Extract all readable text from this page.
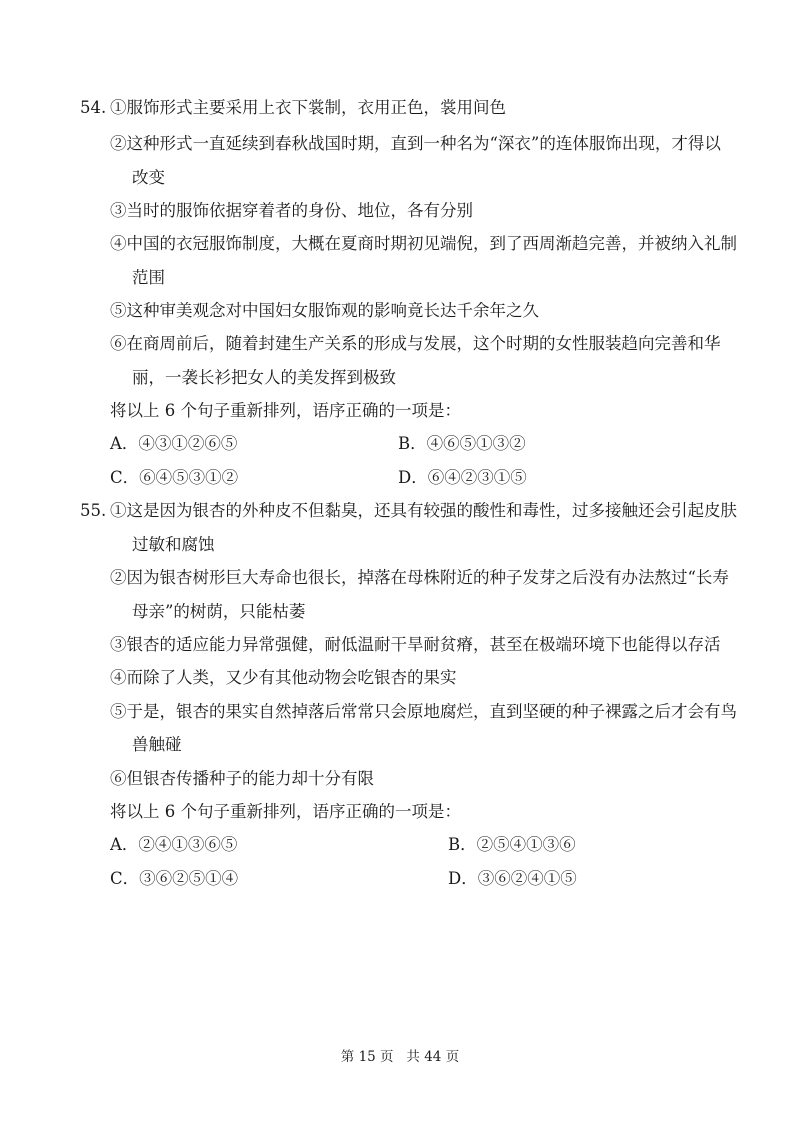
54. ①服饰形式主要采用上衣下裳制，衣用正色，裳用间色
②这种形式一直延续到春秋战国时期，直到一种名为“深衣”的连体服饰出现，才得以
改变
③当时的服饰依据穿着者的身份、地位，各有分别
④中国的衣冠服饰制度，大概在夏商时期初见端倪，到了西周渐趋完善，并被纳入礼制
范围
⑤这种审美观念对中国妇女服饰观的影响竟长达千余年之久
⑥在商周前后，随着封建生产关系的形成与发展，这个时期的女性服装趋向完善和华
丽，一袭长衫把女人的美发挥到极致
将以上 6 个句子重新排列，语序正确的一项是：
A．④③①②⑥⑤	B．④⑥⑤①③②
C．⑥④⑤③①②	D．⑥④②③①⑤
55. ①这是因为银杏的外种皮不但黏臭，还具有较强的酸性和毒性，过多接触还会引起皮肤
过敏和腐蚀
②因为银杏树形巨大寿命也很长，掉落在母株附近的种子发芽之后没有办法熬过“长寿
母亲”的树荫，只能枯萎
③银杏的适应能力异常强健，耐低温耐干旱耐贫瘠，甚至在极端环境下也能得以存活
④而除了人类，又少有其他动物会吃银杏的果实
⑤于是，银杏的果实自然掉落后常常只会原地腐烂，直到坚硬的种子裸露之后才会有鸟
兽触碰
⑥但银杏传播种子的能力却十分有限
将以上 6 个句子重新排列，语序正确的一项是：
A．②④①③⑥⑤	B．②⑤④①③⑥
C．③⑥②⑤①④	D．③⑥②④①⑤
第 15 页   共 44 页
